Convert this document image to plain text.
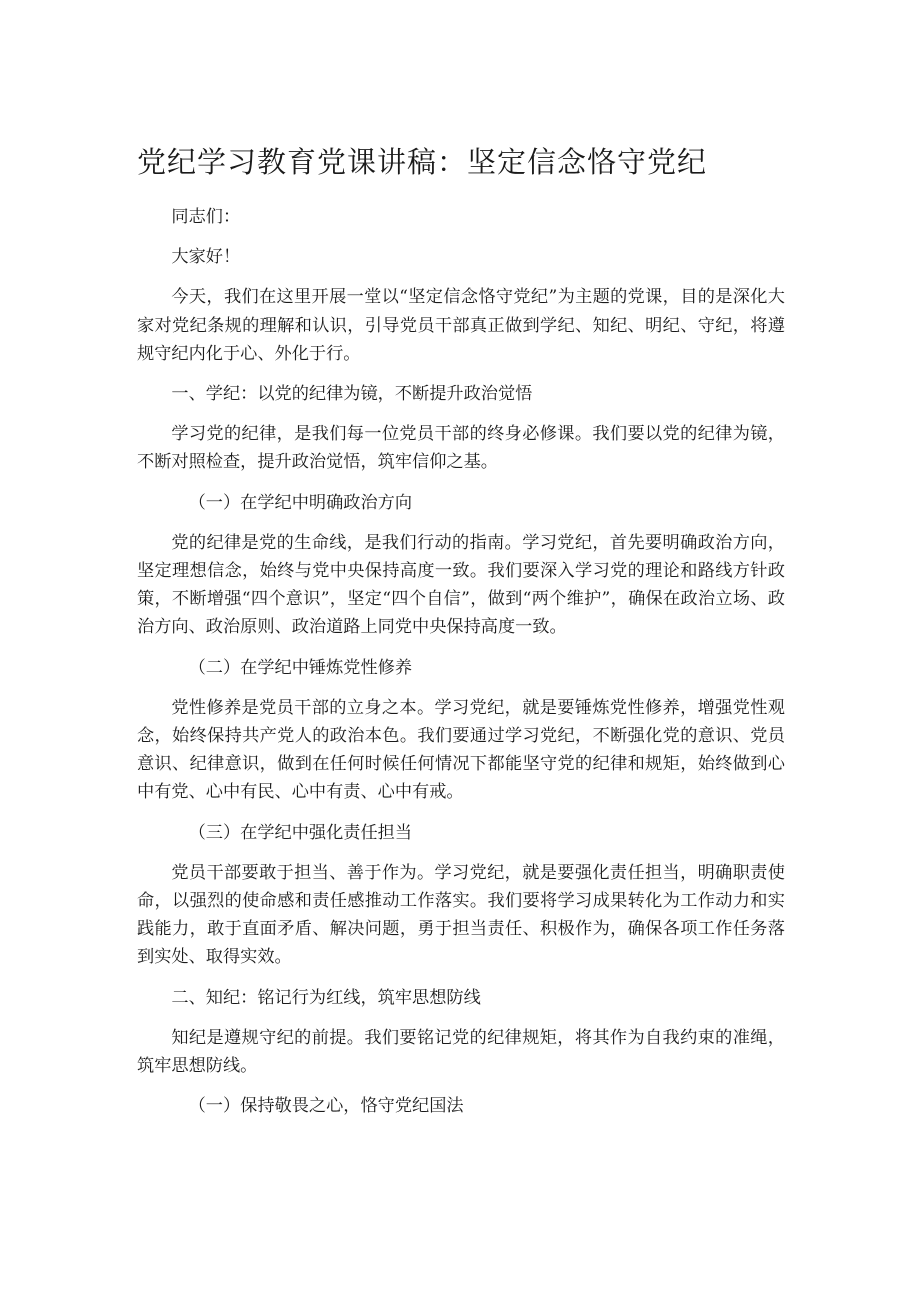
党纪学习教育党课讲稿：坚定信念恪守党纪

同志们：

大家好！

今天，我们在这里开展一堂以“坚定信念恪守党纪”为主题的党课，目的是深化大家对党纪条规的理解和认识，引导党员干部真正做到学纪、知纪、明纪、守纪，将遵规守纪内化于心、外化于行。

一、学纪：以党的纪律为镜，不断提升政治觉悟

学习党的纪律，是我们每一位党员干部的终身必修课。我们要以党的纪律为镜，不断对照检查，提升政治觉悟，筑牢信仰之基。

（一）在学纪中明确政治方向

党的纪律是党的生命线，是我们行动的指南。学习党纪，首先要明确政治方向，坚定理想信念，始终与党中央保持高度一致。我们要深入学习党的理论和路线方针政策，不断增强“四个意识”，坚定“四个自信”，做到“两个维护”，确保在政治立场、政治方向、政治原则、政治道路上同党中央保持高度一致。

（二）在学纪中锤炼党性修养

党性修养是党员干部的立身之本。学习党纪，就是要锤炼党性修养，增强党性观念，始终保持共产党人的政治本色。我们要通过学习党纪，不断强化党的意识、党员意识、纪律意识，做到在任何时候任何情况下都能坚守党的纪律和规矩，始终做到心中有党、心中有民、心中有责、心中有戒。

（三）在学纪中强化责任担当

党员干部要敢于担当、善于作为。学习党纪，就是要强化责任担当，明确职责使命，以强烈的使命感和责任感推动工作落实。我们要将学习成果转化为工作动力和实践能力，敢于直面矛盾、解决问题，勇于担当责任、积极作为，确保各项工作任务落到实处、取得实效。

二、知纪：铭记行为红线，筑牢思想防线

知纪是遵规守纪的前提。我们要铭记党的纪律规矩，将其作为自我约束的准绳，筑牢思想防线。

（一）保持敬畏之心，恪守党纪国法
